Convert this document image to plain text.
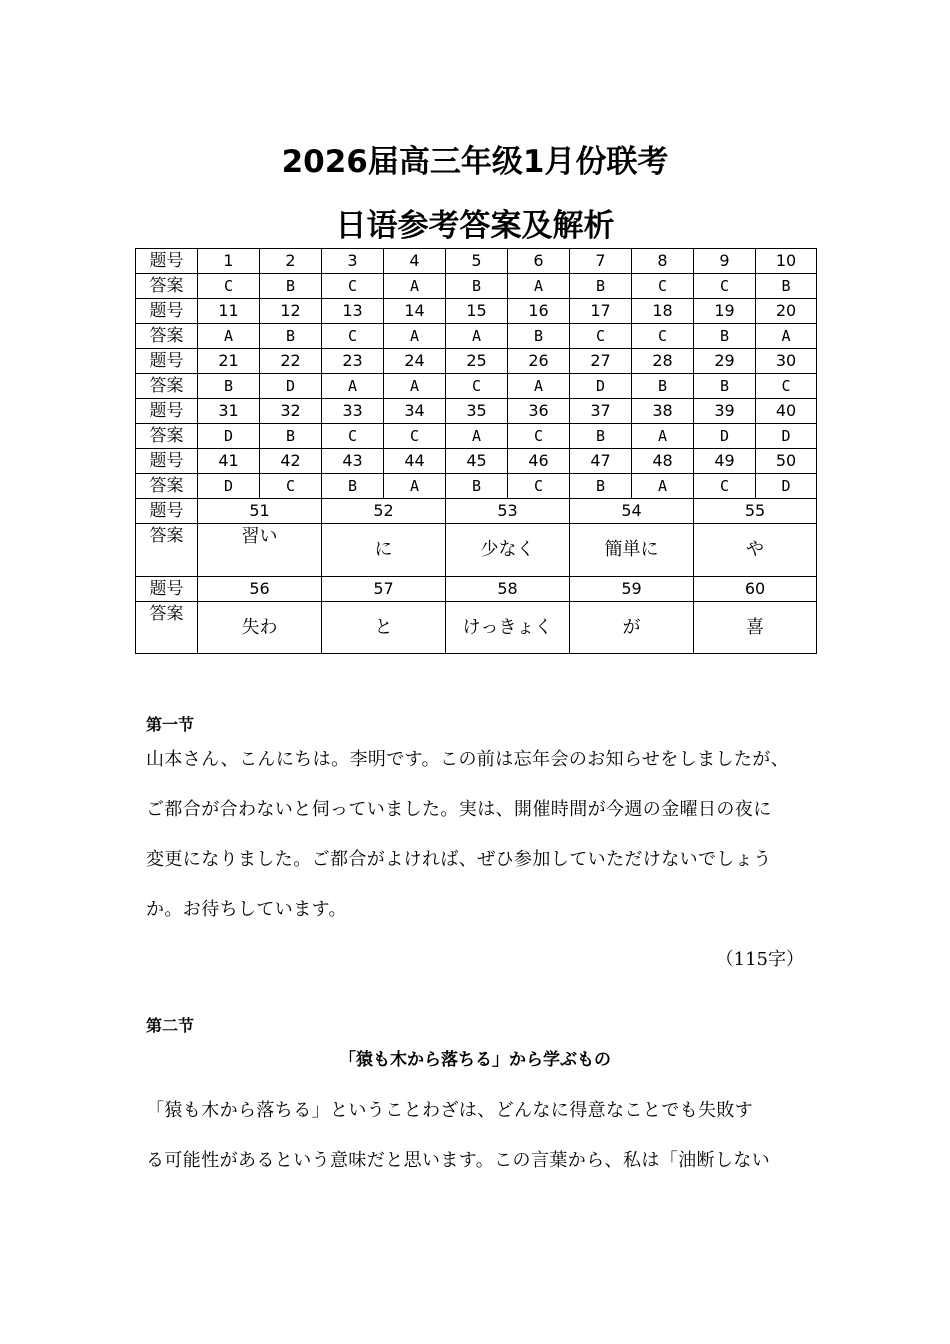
2026届高三年级1月份联考
日语参考答案及解析
题号	1	2	3	4	5	6	7	8	9	10
答案	C	B	C	A	B	A	B	C	C	B
题号	11	12	13	14	15	16	17	18	19	20
答案	A	B	C	A	A	B	C	C	B	A
题号	21	22	23	24	25	26	27	28	29	30
答案	B	D	A	A	C	A	D	B	B	C
题号	31	32	33	34	35	36	37	38	39	40
答案	D	B	C	C	A	C	B	A	D	D
题号	41	42	43	44	45	46	47	48	49	50
答案	D	C	B	A	B	C	B	A	C	D
题号	51		52		53		54		55	
答案	習い		に		少なく		簡単に		や	
题号	56		57		58		59		60	
答案	失わ		と		けっきょく		が		喜	
第一节
山本さん、こんにちは。李明です。この前は忘年会のお知らせをしましたが、
ご都合が合わないと伺っていました。実は、開催時間が今週の金曜日の夜に
変更になりました。ご都合がよければ、ぜひ参加していただけないでしょう
か。お待ちしています。
（115字）
第二节
「猿も木から落ちる」から学ぶもの
「猿も木から落ちる」ということわざは、どんなに得意なことでも失敗す
る可能性があるという意味だと思います。この言葉から、私は「油断しない
